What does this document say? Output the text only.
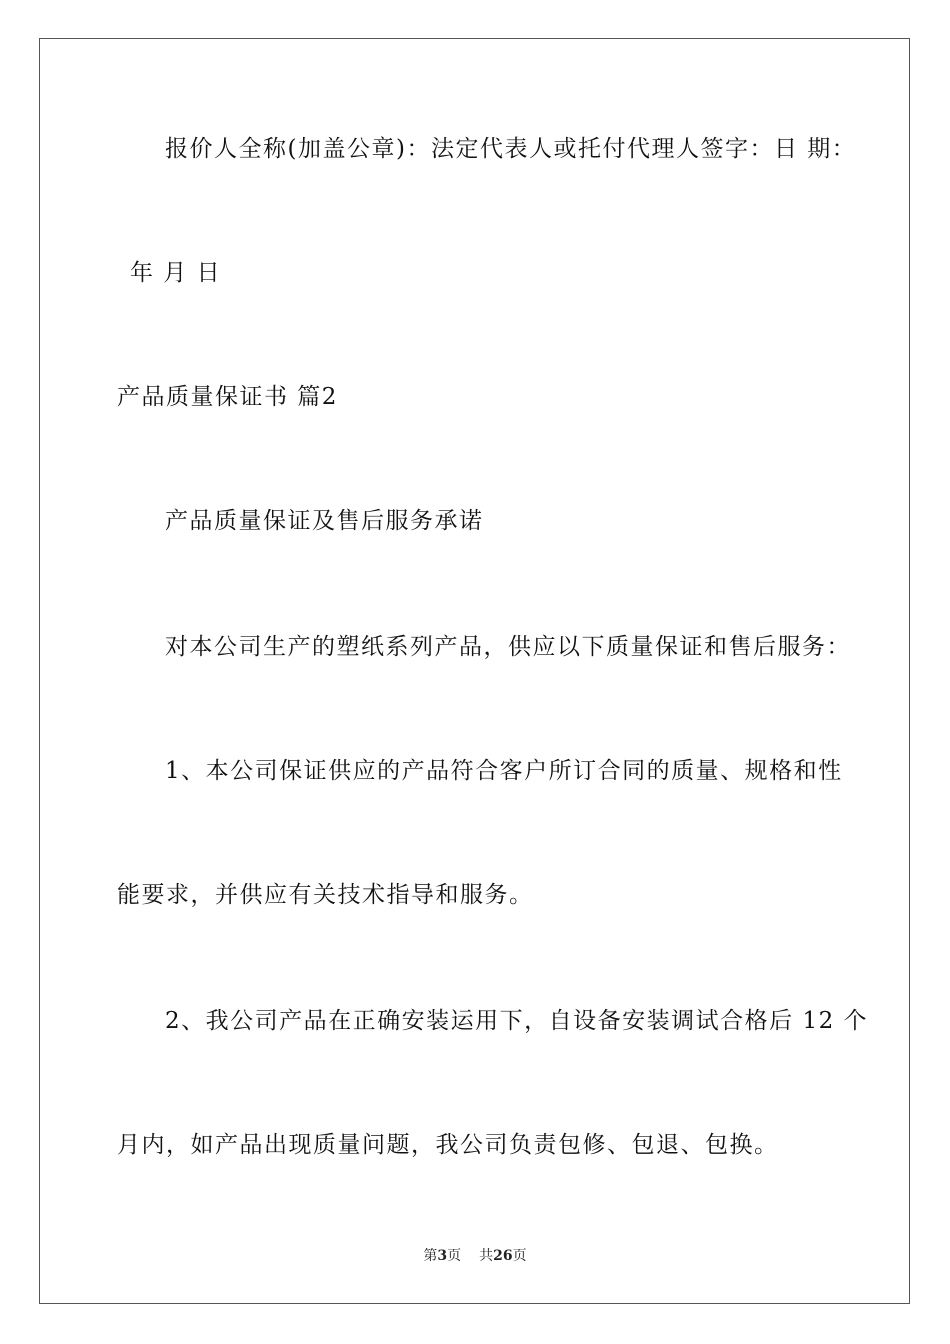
报价人全称(加盖公章)：法定代表人或托付代理人签字：日 期：
年 月 日
产品质量保证书 篇2
产品质量保证及售后服务承诺
对本公司生产的塑纸系列产品，供应以下质量保证和售后服务：
1、本公司保证供应的产品符合客户所订合同的质量、规格和性
能要求，并供应有关技术指导和服务。
2、我公司产品在正确安装运用下，自设备安装调试合格后 12 个
月内，如产品出现质量问题，我公司负责包修、包退、包换。
第3页 共26页
